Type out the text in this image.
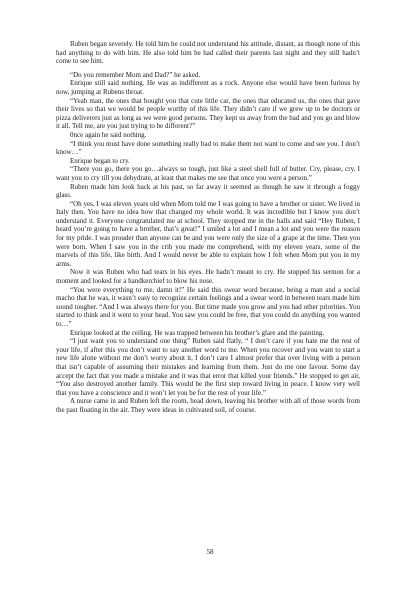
Ruben began severely. He told him he could not understand his attitude, distant, as though none of this had anything to do with him. He also told him he had called their parents last night and they still hadn’t come to see him.

“Do you remember Mom and Dad?” he asked.

Enrique still said nothing. He was as indifferent as a rock. Anyone else would have been furious by now, jumping at Rubens throat.

“Yeah man, the ones that bought you that cute little car, the ones that educated us, the ones that gave their lives so that we would be people worthy of this life. They didn’t care if we grew up to be doctors or pizza deliverers just as long as we were good persons. They kept us away from the bad and you go and blow it all. Tell me, are you just trying to be different?”

0nce again he said nothing.

“I think you must have done something really bad to make them not want to come and see you. I don’t know…”

Enrique began to cry.

“There you go, there you go…always so tough, just like a steel shell full of butter. Cry, please, cry. I want you to cry till you dehydrate, at least that makes me see that once you were a person.”

Ruben made him look back at his past, so far away it seemed as though he saw it through a foggy glass.

“Oh yes. I was eleven years old when Mom told me I was going to have a brother or sister. We lived in Italy then. You have no idea how that changed my whole world. It was incredible but I know you don’t understand it. Everyone congratulated me at school. They stopped me in the halls and said “Hey Ruben, I heard you’re going to have a brother, that’s great!” I smiled a lot and I mean a lot and you were the reason for my pride. I was prouder than anyone can be and you were only the size of a grape at the time. Then you were born. When I saw you in the crib you made me comprehend, with my eleven years, some of the marvels of this life, like birth. And I would never be able to explain how I felt when Mom put you in my arms.

Now it was Ruben who had tears in his eyes. He hadn’t meant to cry. He stopped his sermon for a moment and looked for a handkerchief to blow his nose.

“You were everything to me, damn it!” He said this swear word because, being a man and a social macho that he was, it wasn’t easy to recognize certain feelings and a swear word in between tears made him sound tougher. “And I was always there for you. But time made you grow and you had other priorities. You started to think and it went to your head. You saw you could be free, that you could do anything you wanted to…”

Enrique looked at the ceiling. He was trapped between his brother’s glare and the painting.

“I just want you to understand one thing” Ruben said flatly, “ I don’t care if you hate me the rest of your life, if after this you don’t want to say another word to me. When you recover and you want to start a new life alone without me don’t worry about it, I don’t care I almost prefer that over living with a person that isn’t capable of assuming their mistakes and learning from them. Just do me one favour. Some day accept the fact that you made a mistake and it was that error that killed your friends.” He stopped to get air, “You also destroyed another family. This would be the first step toward living in peace. I know very well that you have a conscience and it won’t let you be for the rest of your life.”

A nurse came in and Ruben left the room, head down, leaving his brother with all of those words from the past floating in the air. They were ideas in cultivated soil, of course.

58
